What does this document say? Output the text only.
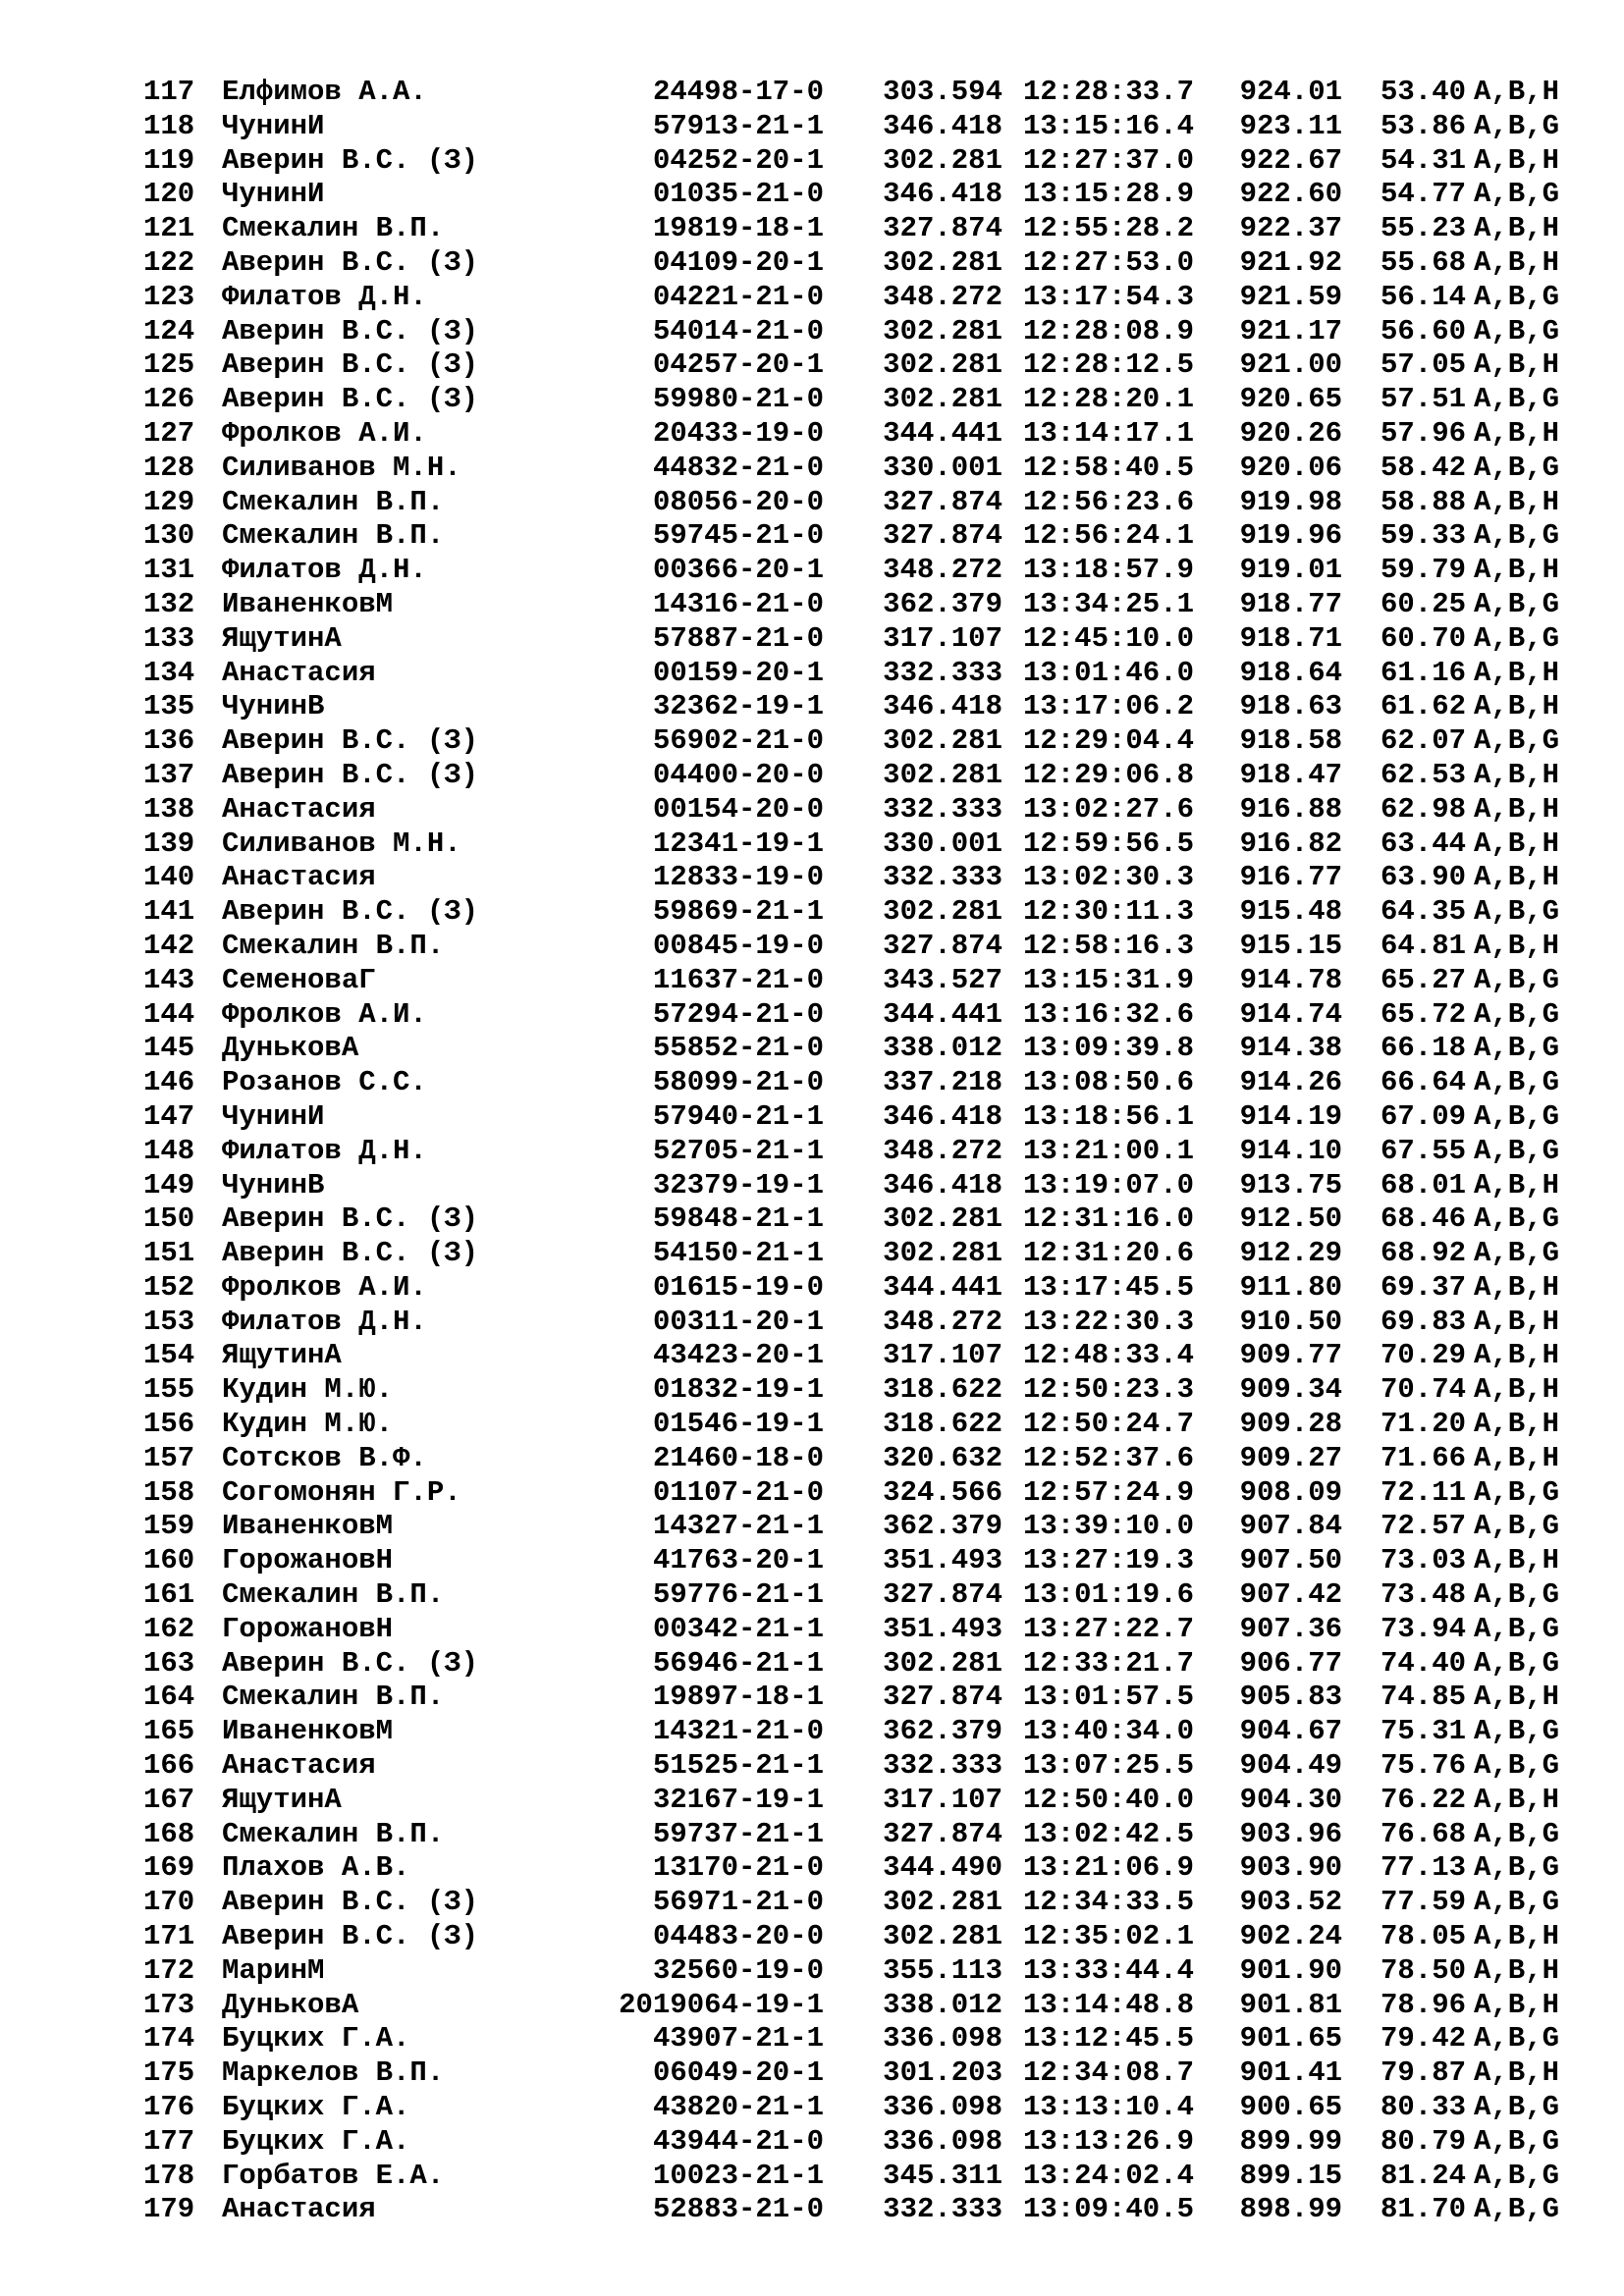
117	Елфимов А.А.	24498-17-0	303.594	12:28:33.7	924.01	53.40	A,B,H
118	ЧунинИ	57913-21-1	346.418	13:15:16.4	923.11	53.86	A,B,G
119	Аверин В.С. (З)	04252-20-1	302.281	12:27:37.0	922.67	54.31	A,B,H
120	ЧунинИ	01035-21-0	346.418	13:15:28.9	922.60	54.77	A,B,G
121	Смекалин В.П.	19819-18-1	327.874	12:55:28.2	922.37	55.23	A,B,H
122	Аверин В.С. (З)	04109-20-1	302.281	12:27:53.0	921.92	55.68	A,B,H
123	Филатов Д.Н.	04221-21-0	348.272	13:17:54.3	921.59	56.14	A,B,G
124	Аверин В.С. (З)	54014-21-0	302.281	12:28:08.9	921.17	56.60	A,B,G
125	Аверин В.С. (З)	04257-20-1	302.281	12:28:12.5	921.00	57.05	A,B,H
126	Аверин В.С. (З)	59980-21-0	302.281	12:28:20.1	920.65	57.51	A,B,G
127	Фролков А.И.	20433-19-0	344.441	13:14:17.1	920.26	57.96	A,B,H
128	Силиванов М.Н.	44832-21-0	330.001	12:58:40.5	920.06	58.42	A,B,G
129	Смекалин В.П.	08056-20-0	327.874	12:56:23.6	919.98	58.88	A,B,H
130	Смекалин В.П.	59745-21-0	327.874	12:56:24.1	919.96	59.33	A,B,G
131	Филатов Д.Н.	00366-20-1	348.272	13:18:57.9	919.01	59.79	A,B,H
132	ИваненковМ	14316-21-0	362.379	13:34:25.1	918.77	60.25	A,B,G
133	ЯщутинА	57887-21-0	317.107	12:45:10.0	918.71	60.70	A,B,G
134	Анастасия	00159-20-1	332.333	13:01:46.0	918.64	61.16	A,B,H
135	ЧунинВ	32362-19-1	346.418	13:17:06.2	918.63	61.62	A,B,H
136	Аверин В.С. (З)	56902-21-0	302.281	12:29:04.4	918.58	62.07	A,B,G
137	Аверин В.С. (З)	04400-20-0	302.281	12:29:06.8	918.47	62.53	A,B,H
138	Анастасия	00154-20-0	332.333	13:02:27.6	916.88	62.98	A,B,H
139	Силиванов М.Н.	12341-19-1	330.001	12:59:56.5	916.82	63.44	A,B,H
140	Анастасия	12833-19-0	332.333	13:02:30.3	916.77	63.90	A,B,H
141	Аверин В.С. (З)	59869-21-1	302.281	12:30:11.3	915.48	64.35	A,B,G
142	Смекалин В.П.	00845-19-0	327.874	12:58:16.3	915.15	64.81	A,B,H
143	СеменоваГ	11637-21-0	343.527	13:15:31.9	914.78	65.27	A,B,G
144	Фролков А.И.	57294-21-0	344.441	13:16:32.6	914.74	65.72	A,B,G
145	ДуньковА	55852-21-0	338.012	13:09:39.8	914.38	66.18	A,B,G
146	Розанов С.С.	58099-21-0	337.218	13:08:50.6	914.26	66.64	A,B,G
147	ЧунинИ	57940-21-1	346.418	13:18:56.1	914.19	67.09	A,B,G
148	Филатов Д.Н.	52705-21-1	348.272	13:21:00.1	914.10	67.55	A,B,G
149	ЧунинВ	32379-19-1	346.418	13:19:07.0	913.75	68.01	A,B,H
150	Аверин В.С. (З)	59848-21-1	302.281	12:31:16.0	912.50	68.46	A,B,G
151	Аверин В.С. (З)	54150-21-1	302.281	12:31:20.6	912.29	68.92	A,B,G
152	Фролков А.И.	01615-19-0	344.441	13:17:45.5	911.80	69.37	A,B,H
153	Филатов Д.Н.	00311-20-1	348.272	13:22:30.3	910.50	69.83	A,B,H
154	ЯщутинА	43423-20-1	317.107	12:48:33.4	909.77	70.29	A,B,H
155	Кудин М.Ю.	01832-19-1	318.622	12:50:23.3	909.34	70.74	A,B,H
156	Кудин М.Ю.	01546-19-1	318.622	12:50:24.7	909.28	71.20	A,B,H
157	Сотсков В.Ф.	21460-18-0	320.632	12:52:37.6	909.27	71.66	A,B,H
158	Согомонян Г.Р.	01107-21-0	324.566	12:57:24.9	908.09	72.11	A,B,G
159	ИваненковМ	14327-21-1	362.379	13:39:10.0	907.84	72.57	A,B,G
160	ГорожановН	41763-20-1	351.493	13:27:19.3	907.50	73.03	A,B,H
161	Смекалин В.П.	59776-21-1	327.874	13:01:19.6	907.42	73.48	A,B,G
162	ГорожановН	00342-21-1	351.493	13:27:22.7	907.36	73.94	A,B,G
163	Аверин В.С. (З)	56946-21-1	302.281	12:33:21.7	906.77	74.40	A,B,G
164	Смекалин В.П.	19897-18-1	327.874	13:01:57.5	905.83	74.85	A,B,H
165	ИваненковМ	14321-21-0	362.379	13:40:34.0	904.67	75.31	A,B,G
166	Анастасия	51525-21-1	332.333	13:07:25.5	904.49	75.76	A,B,G
167	ЯщутинА	32167-19-1	317.107	12:50:40.0	904.30	76.22	A,B,H
168	Смекалин В.П.	59737-21-1	327.874	13:02:42.5	903.96	76.68	A,B,G
169	Плахов А.В.	13170-21-0	344.490	13:21:06.9	903.90	77.13	A,B,G
170	Аверин В.С. (З)	56971-21-0	302.281	12:34:33.5	903.52	77.59	A,B,G
171	Аверин В.С. (З)	04483-20-0	302.281	12:35:02.1	902.24	78.05	A,B,H
172	МаринМ	32560-19-0	355.113	13:33:44.4	901.90	78.50	A,B,H
173	ДуньковА	2019064-19-1	338.012	13:14:48.8	901.81	78.96	A,B,H
174	Буцких Г.А.	43907-21-1	336.098	13:12:45.5	901.65	79.42	A,B,G
175	Маркелов В.П.	06049-20-1	301.203	12:34:08.7	901.41	79.87	A,B,H
176	Буцких Г.А.	43820-21-1	336.098	13:13:10.4	900.65	80.33	A,B,G
177	Буцких Г.А.	43944-21-0	336.098	13:13:26.9	899.99	80.79	A,B,G
178	Горбатов Е.А.	10023-21-1	345.311	13:24:02.4	899.15	81.24	A,B,G
179	Анастасия	52883-21-0	332.333	13:09:40.5	898.99	81.70	A,B,G
